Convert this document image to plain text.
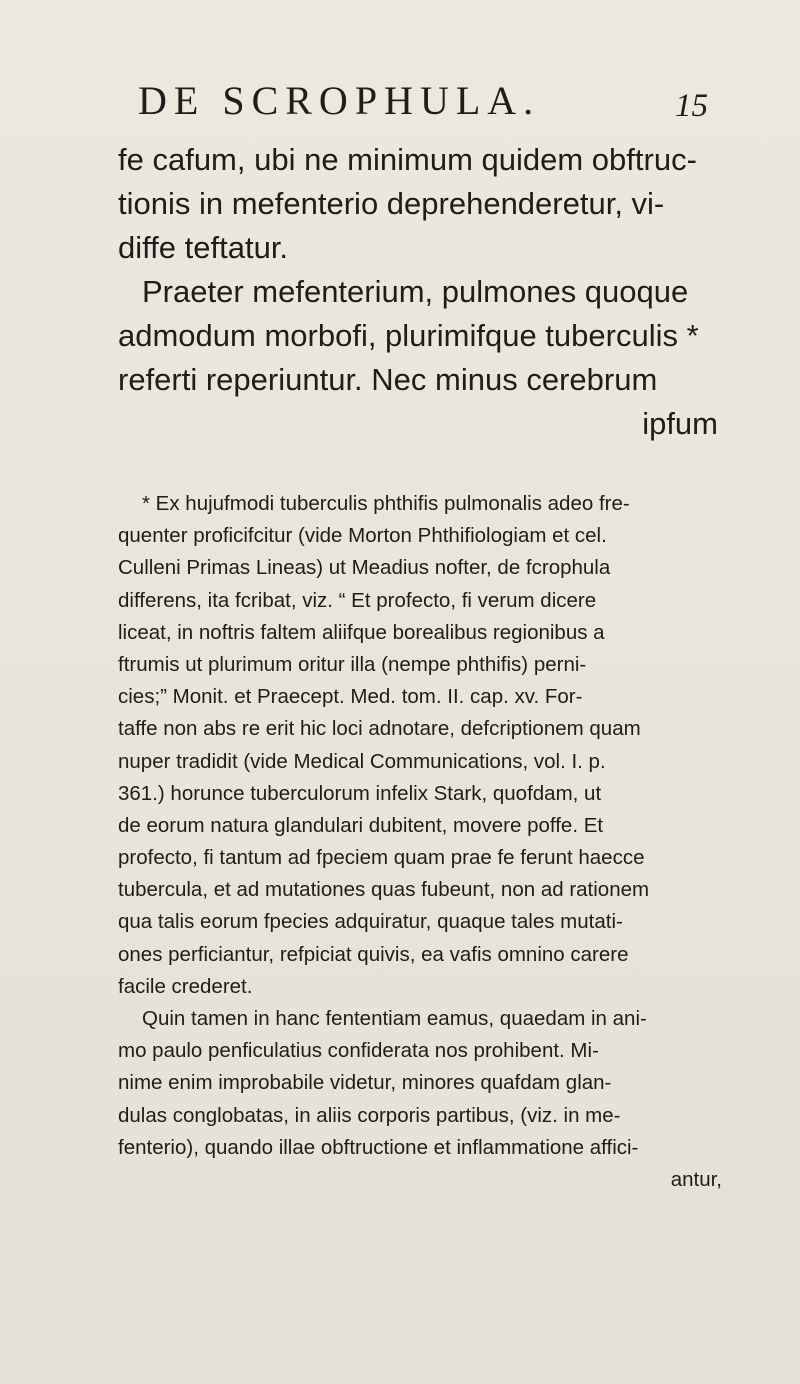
DE SCROPHULA.	15
fe cafum, ubi ne minimum quidem obftruc-
tionis in mefenterio deprehenderetur, vi-
diffe teftatur.
Praeter mefenterium, pulmones quoque
admodum morbofi, plurimifque tuberculis *
referti reperiuntur. Nec minus cerebrum
ipfum
* Ex hujufmodi tuberculis phthifis pulmonalis adeo fre-
quenter proficifcitur (vide Morton Phthifiologiam et cel.
Culleni Primas Lineas) ut Meadius nofter, de fcrophula
differens, ita fcribat, viz. “ Et profecto, fi verum dicere
liceat, in noftris faltem aliifque borealibus regionibus a
ftrumis ut plurimum oritur illa (nempe phthifis) perni-
cies;” Monit. et Praecept. Med. tom. II. cap. xv. For-
taffe non abs re erit hic loci adnotare, defcriptionem quam
nuper tradidit (vide Medical Communications, vol. I. p.
361.) horunce tuberculorum infelix Stark, quofdam, ut
de eorum natura glandulari dubitent, movere poffe. Et
profecto, fi tantum ad fpeciem quam prae fe ferunt haecce
tubercula, et ad mutationes quas fubeunt, non ad rationem
qua talis eorum fpecies adquiratur, quaque tales mutati-
ones perficiantur, refpiciat quivis, ea vafis omnino carere
facile crederet.
Quin tamen in hanc fententiam eamus, quaedam in ani-
mo paulo penficulatius confiderata nos prohibent. Mi-
nime enim improbabile videtur, minores quafdam glan-
dulas conglobatas, in aliis corporis partibus, (viz. in me-
fenterio), quando illae obftructione et inflammatione affici-
antur,
